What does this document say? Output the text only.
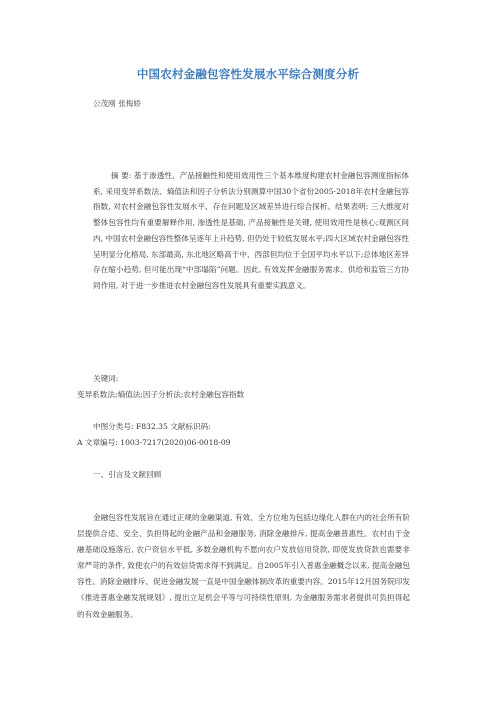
中国农村金融包容性发展水平综合测度分析
公茂刚 张梅娇
摘 要: 基于渗透性、产品接触性和使用效用性三个基本维度构建农村金融包容测度指标体系, 采用变异系数法、熵值法和因子分析法分别测算中国30个省份2005-2018年农村金融包容指数, 对农村金融包容性发展水平、存在问题及区域差异进行综合探析。结果表明: 三大维度对整体包容性均有重要解释作用, 渗透性是基础, 产品接触性是关键, 使用效用性是核心;观测区间内, 中国农村金融包容性整体呈逐年上升趋势, 但仍处于较低发展水平;四大区域农村金融包容性呈明显分化格局, 东部最高, 东北地区略高于中、西部但均位于全国平均水平以下;总体地区差异存在缩小趋势, 但可能出现“中部塌陷”问题。因此, 有效发挥金融服务需求、供给和监管三方协同作用, 对于进一步推进农村金融包容性发展具有重要实践意义。
关键词:
变异系数法;熵值法;因子分析法;农村金融包容指数
中图分类号: F832.35 文献标识码:
A 文章编号: 1003-7217(2020)06-0018-09
一、引言及文献回顾
金融包容性发展旨在通过正规的金融渠道, 有效、全方位地为包括边缘化人群在内的社会所有阶层提供合适、安全、负担得起的金融产品和金融服务, 消除金融排斥, 提高金融普惠性。农村由于金融基础设施落后, 农户资信水平低, 多数金融机构不愿向农户发放信用贷款, 即使发放贷款也需要非常严苛的条件, 致使农户的有效信贷需求得不到满足。自2005年引入普惠金融概念以来, 提高金融包容性、消除金融排斥、促进金融发展一直是中国金融体制改革的重要内容。2015年12月国务院印发《推进普惠金融发展规划》, 提出立足机会平等与可持续性原则, 为金融服务需求者提供可负担得起的有效金融服务。
